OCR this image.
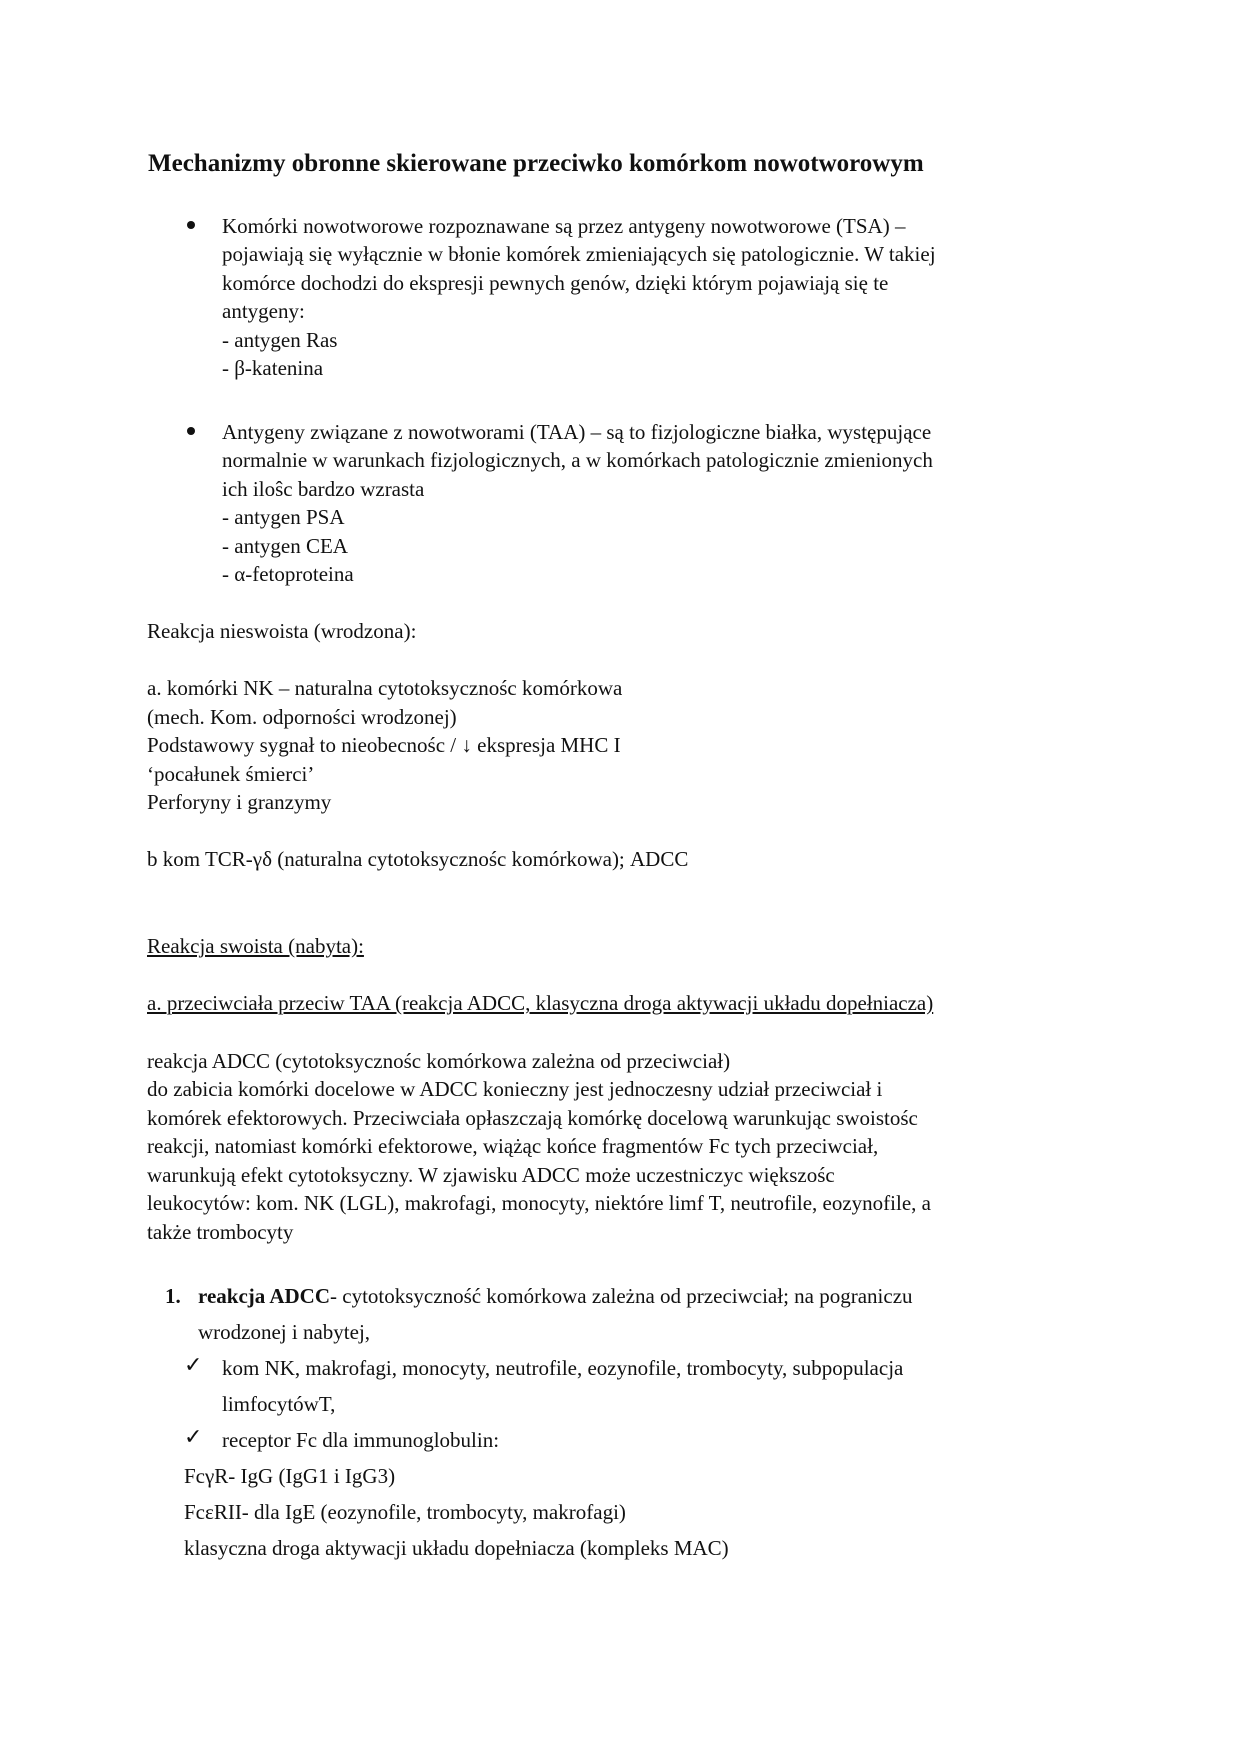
Mechanizmy obronne skierowane przeciwko komórkom nowotworowym
Komórki nowotworowe rozpoznawane są przez antygeny nowotworowe (TSA) –
pojawiają się wyłącznie w błonie komórek zmieniających się patologicznie. W takiej
komórce dochodzi do ekspresji pewnych genów, dzięki którym pojawiają się te
antygeny:
- antygen Ras
- β-katenina
Antygeny związane z nowotworami (TAA) – są to fizjologiczne białka, występujące
normalnie w warunkach fizjologicznych, a w komórkach patologicznie zmienionych
ich iloŝc bardzo wzrasta
- antygen PSA
- antygen CEA
- α-fetoproteina
Reakcja nieswoista (wrodzona):
a. komórki NK – naturalna cytotoksycznośc komórkowa
(mech. Kom. odporności wrodzonej)
Podstawowy sygnał to nieobecnośc / ↓ ekspresja MHC I
‘pocałunek śmierci’
Perforyny i granzymy
b kom TCR-γδ (naturalna cytotoksycznośc komórkowa); ADCC
Reakcja swoista (nabyta):
a. przeciwciała przeciw TAA (reakcja ADCC, klasyczna droga aktywacji układu dopełniacza)
reakcja ADCC (cytotoksycznośc komórkowa zależna od przeciwciał)
do zabicia komórki docelowe w ADCC konieczny jest jednoczesny udział przeciwciał i
komórek efektorowych. Przeciwciała opłaszczają komórkę docelową warunkując swoistośc
reakcji, natomiast komórki efektorowe, wiążąc końce fragmentów Fc tych przeciwciał,
warunkują efekt cytotoksyczny. W zjawisku ADCC może uczestniczyc większośc
leukocytów: kom. NK (LGL), makrofagi, monocyty, niektóre limf T, neutrofile, eozynofile, a
także trombocyty
1. reakcja ADCC- cytotoksyczność komórkowa zależna od przeciwciał; na pograniczu
wrodzonej i nabytej,
✓ kom NK, makrofagi, monocyty, neutrofile, eozynofile, trombocyty, subpopulacja
limfocytówT,
✓ receptor Fc dla immunoglobulin:
FcγR- IgG (IgG1 i IgG3)
FcεRII- dla IgE (eozynofile, trombocyty, makrofagi)
klasyczna droga aktywacji układu dopełniacza (kompleks MAC)
